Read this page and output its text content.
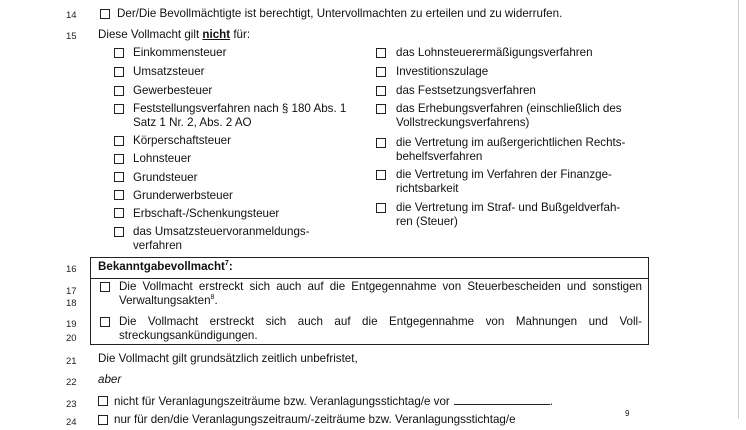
14	Der/Die Bevollmächtigte ist berechtigt, Untervollmachten zu erteilen und zu widerrufen.
15	Diese Vollmacht gilt nicht für:
Einkommensteuer
Umsatzsteuer
Gewerbesteuer
Feststellungsverfahren nach § 180 Abs. 1
Satz 1 Nr. 2, Abs. 2 AO
Körperschaftsteuer
Lohnsteuer
Grundsteuer
Grunderwerbsteuer
Erbschaft-/Schenkungsteuer
das Umsatzsteuervoranmeldungs-
verfahren
das Lohnsteuerermäßigungsverfahren
Investitionszulage
das Festsetzungsverfahren
das Erhebungsverfahren (einschließlich des
Vollstreckungsverfahrens)
die Vertretung im außergerichtlichen Rechts-
behelfsverfahren
die Vertretung im Verfahren der Finanzge-
richtsbarkeit
die Vertretung im Straf- und Bußgeldverfah-
ren (Steuer)
16	Bekanntgabevollmacht$^7$:
17
18
Die Vollmacht erstreckt sich auch auf die Entgegennahme von Steuerbescheiden und sonstigen
Verwaltungsakten$^8$.
19
20
Die Vollmacht erstreckt sich auch auf die Entgegennahme von Mahnungen und Voll-
streckungsankündigungen.
21	Die Vollmacht gilt grundsätzlich zeitlich unbefristet,
22	aber
23	nicht für Veranlagungszeiträume bzw. Veranlagungsstichtag/e vor	.
24	nur für den/die Veranlagungszeitraum/-zeiträume bzw. Veranlagungsstichtag/e	9
